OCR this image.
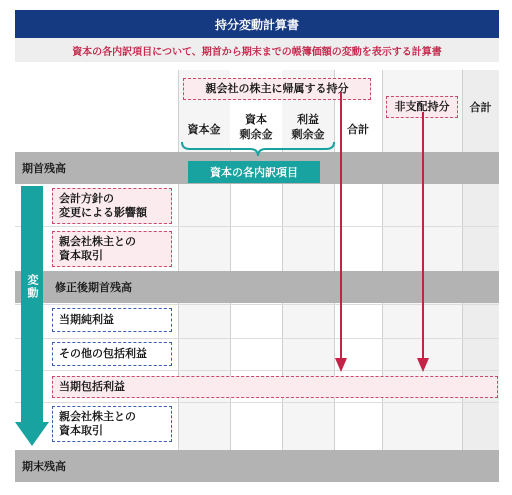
持分変動計算書
資本の各内訳項目について、期首から期末までの帳簿価額の変動を表示する計算書
期首残高
修正後期首残高
期末残高
親会社の株主に帰属する持分
資本金
資本
剰余金
利益
剰余金	合計
非支配持分	合計
資本の各内訳項目
変動
会計方針の
変更による影響額
親会社株主との
資本取引
当期純利益
その他の包括利益
当期包括利益
親会社株主との
資本取引
